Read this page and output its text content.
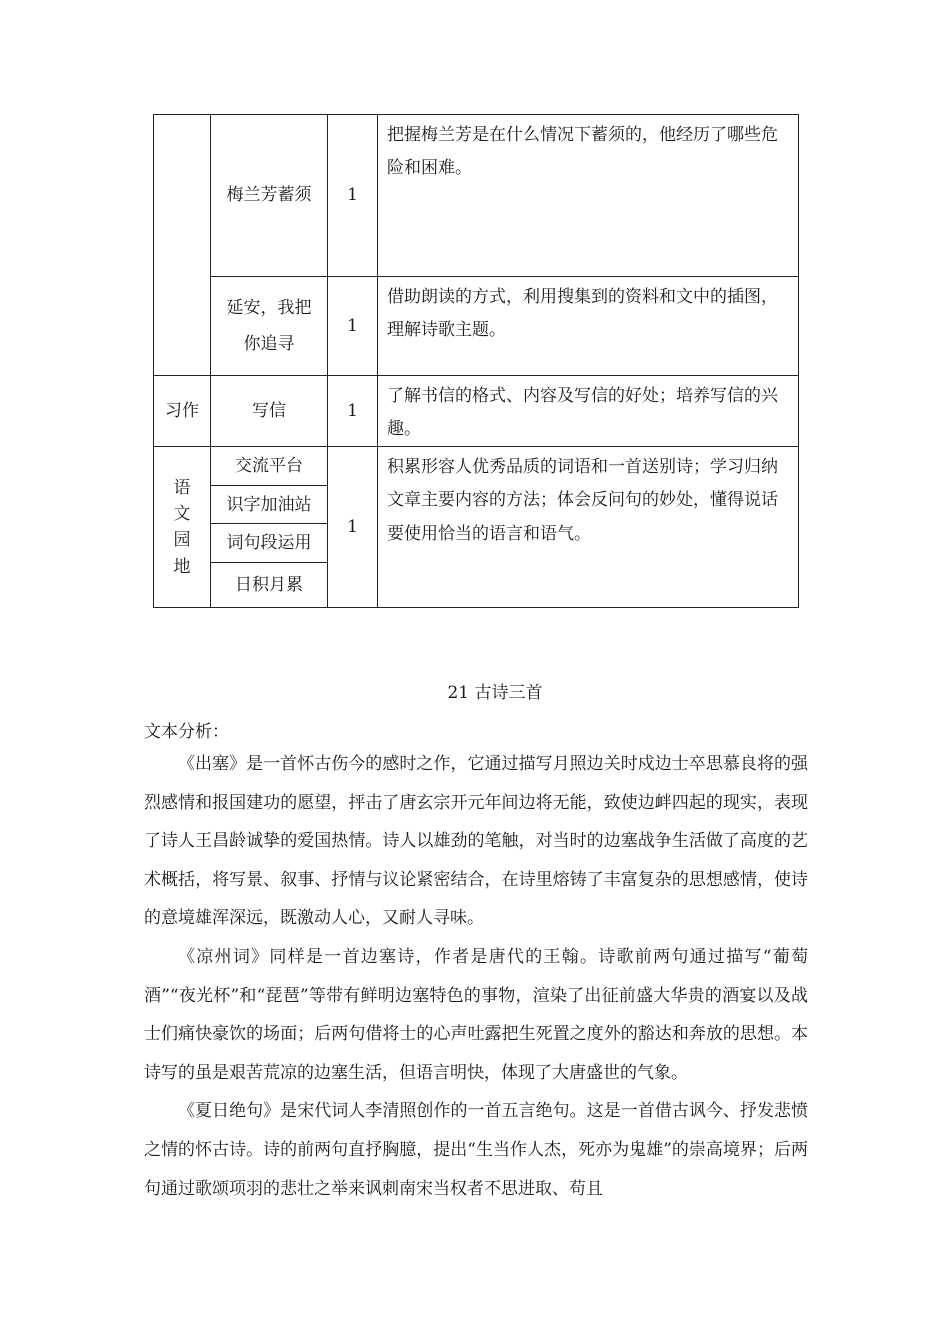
	梅兰芳蓄须	1	把握梅兰芳是在什么情况下蓄须的，他经历了哪些危险和困难。

	延安，我把你追寻	1	借助朗读的方式，利用搜集到的资料和文中的插图，理解诗歌主题。
习作	写信	1	了解书信的格式、内容及写信的好处；培养写信的兴趣。

语文园地	交流平台	1	积累形容人优秀品质的词语和一首送别诗；学习归纳文章主要内容的方法；体会反问句的妙处，懂得说话要使用恰当的语言和语气。
	识字加油站		
	词句段运用		
	日积月累		
21 古诗三首
文本分析：

《出塞》是一首怀古伤今的感时之作，它通过描写月照边关时戍边士卒思慕良将的强烈感情和报国建功的愿望，抨击了唐玄宗开元年间边将无能，致使边衅四起的现实，表现了诗人王昌龄诚挚的爱国热情。诗人以雄劲的笔触，对当时的边塞战争生活做了高度的艺术概括，将写景、叙事、抒情与议论紧密结合，在诗里熔铸了丰富复杂的思想感情，使诗的意境雄浑深远，既激动人心，又耐人寻味。

《凉州词》同样是一首边塞诗，作者是唐代的王翰。诗歌前两句通过描写“葡萄酒”“夜光杯”和“琵琶”等带有鲜明边塞特色的事物，渲染了出征前盛大华贵的酒宴以及战士们痛快豪饮的场面；后两句借将士的心声吐露把生死置之度外的豁达和奔放的思想。本诗写的虽是艰苦荒凉的边塞生活，但语言明快，体现了大唐盛世的气象。

《夏日绝句》是宋代词人李清照创作的一首五言绝句。这是一首借古讽今、抒发悲愤之情的怀古诗。诗的前两句直抒胸臆，提出“生当作人杰，死亦为鬼雄”的崇高境界；后两句通过歌颂项羽的悲壮之举来讽刺南宋当权者不思进取、苟且
